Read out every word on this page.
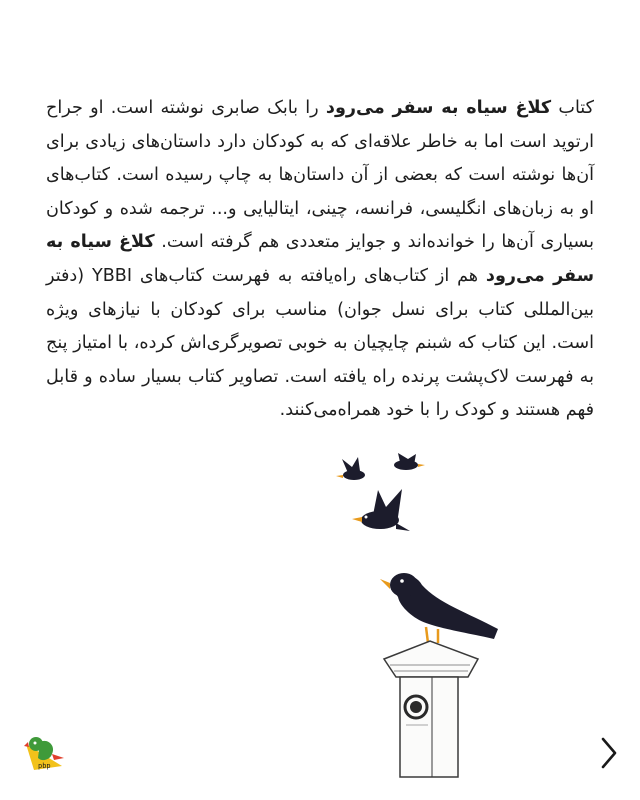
کتاب کلاغ سیاه به سفر می‌رود را بابک صابری نوشته است. او جراح ارتوپد است اما به خاطر علاقه‌ای که به کودکان دارد داستان‌های زیادی برای آن‌ها نوشته است که بعضی از آن داستان‌ها به چاپ رسیده است. کتاب‌های او به زبان‌های انگلیسی، فرانسه، چینی، ایتالیایی و... ترجمه شده و کودکان بسیاری آن‌ها را خوانده‌اند و جوایز متعددی هم گرفته است. کلاغ سیاه به سفر می‌رود هم از کتاب‌های راه‌یافته به فهرست کتاب‌های YBBI (دفتر بین‌المللی کتاب برای نسل جوان) مناسب برای کودکان با نیازهای ویژه است. این کتاب که شبنم چایچیان به خوبی تصویرگری‌اش کرده، با امتیاز پنج به فهرست لاک‌پشت پرنده راه یافته است. تصاویر کتاب بسیار ساده و قابل فهم هستند و کودک را با خود همراه‌می‌کنند.

pbp
